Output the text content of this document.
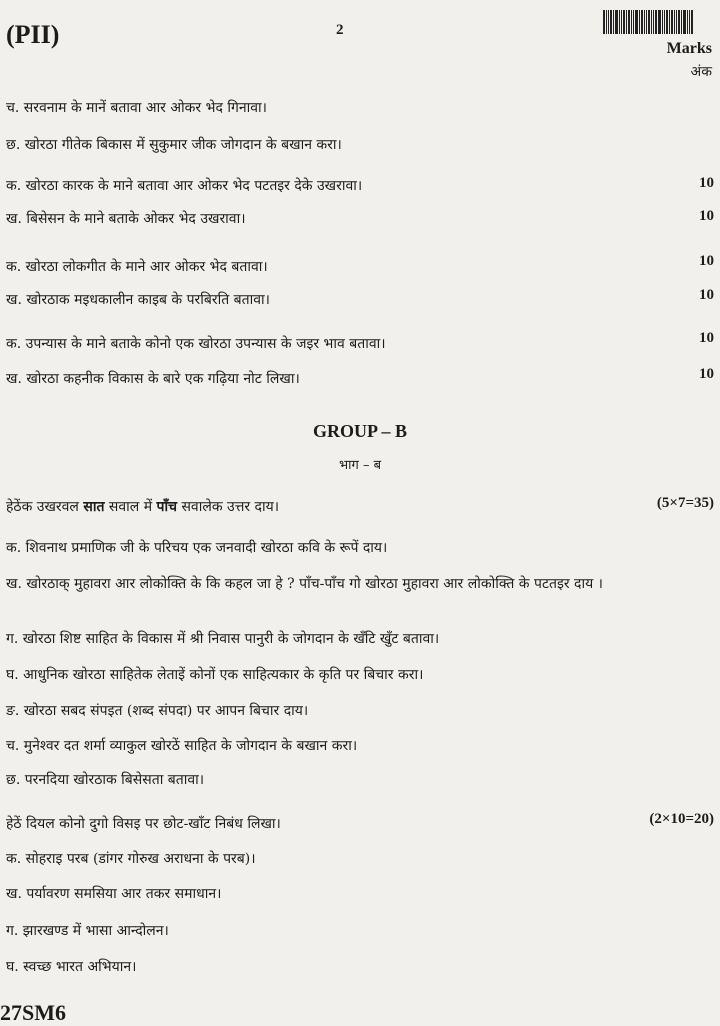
(PII)	2
Marks
अंक
च. सरवनाम के मानें बतावा आर ओकर भेद गिनावा।
छ. खोरठा गीतेक बिकास में सुकुमार जीक जोगदान के बखान करा।
क. खोरठा कारक के माने बतावा आर ओकर भेद पटतइर देके उखरावा।	10
ख. बिसेसन के माने बताके ओकर भेद उखरावा।	10
क. खोरठा लोकगीत के माने आर ओकर भेद बतावा।	10
ख. खोरठाक मइधकालीन काइब के परबिरति बतावा।	10
क. उपन्यास के माने बताके कोनो एक खोरठा उपन्यास के जइर भाव बतावा।	10
ख. खोरठा कहनीक विकास के बारे एक गढ़िया नोट लिखा।	10
GROUP – B
भाग – ब
हेठेंक उखरवल सात सवाल में पाँच सवालेक उत्तर दाय।	(5×7=35)
क. शिवनाथ प्रमाणिक जी के परिचय एक जनवादी खोरठा कवि के रूपें दाय।
ख. खोरठाक् मुहावरा आर लोकोक्ति के कि कहल जा हे ? पाँच-पाँच गो खोरठा मुहावरा आर लोकोक्ति के पटतइर दाय ।
ग. खोरठा शिष्ट साहित के विकास में श्री निवास पानुरी के जोगदान के खँटि खुँट बतावा।
घ. आधुनिक खोरठा साहितेक लेताइें कोनों एक साहित्यकार के कृति पर बिचार करा।
ङ. खोरठा सबद संपइत (शब्द संपदा) पर आपन बिचार दाय।
च. मुनेश्वर दत शर्मा व्याकुल खोरठें साहित के जोगदान के बखान करा।
छ. परनदिया खोरठाक बिसेसता बतावा।
हेठें दियल कोनो दुगो विसइ पर छोट-खाँट निबंध लिखा।	(2×10=20)
क. सोहराइ परब (डांगर गोरुख अराधना के परब)।
ख. पर्यावरण समसिया आर तकर समाधान।
ग. झारखण्ड में भासा आन्दोलन।
घ. स्वच्छ भारत अभियान।
27SM6
